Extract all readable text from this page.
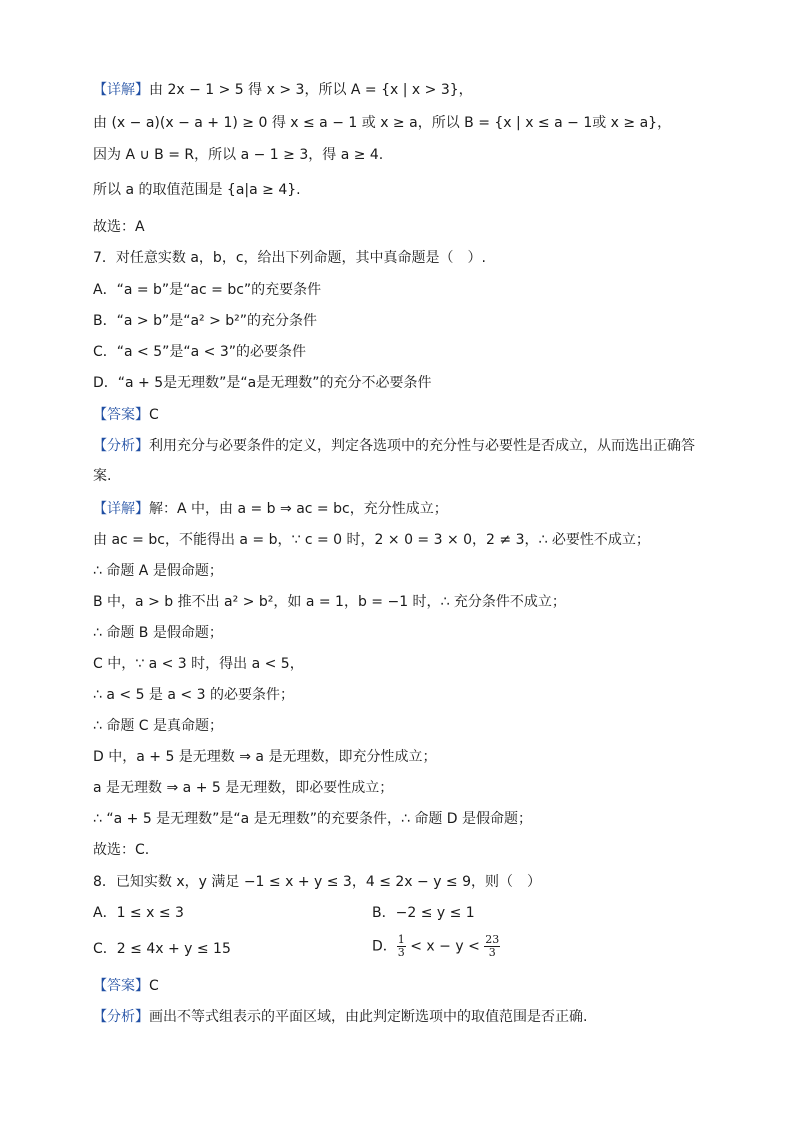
【详解】由 2x − 1 > 5 得 x > 3，所以 A = {x | x > 3}，
由 (x − a)(x − a + 1) ≥ 0 得 x ≤ a − 1 或 x ≥ a，所以 B = {x | x ≤ a − 1或 x ≥ a}，
因为 A ∪ B = R，所以 a − 1 ≥ 3，得 a ≥ 4.
所以 a 的取值范围是 {a|a ≥ 4}.
故选：A
7．对任意实数 a，b，c，给出下列命题，其中真命题是（　）.
A．“a = b”是“ac = bc”的充要条件
B．“a > b”是“a² > b²”的充分条件
C．“a < 5”是“a < 3”的必要条件
D．“a + 5是无理数”是“a是无理数”的充分不必要条件
【答案】C
【分析】利用充分与必要条件的定义，判定各选项中的充分性与必要性是否成立，从而选出正确答
案.
【详解】解：A 中，由 a = b ⇒ ac = bc，充分性成立；
由 ac = bc，不能得出 a = b，∵ c = 0 时，2 × 0 = 3 × 0，2 ≠ 3，∴ 必要性不成立；
∴ 命题 A 是假命题；
B 中，a > b 推不出 a² > b²，如 a = 1，b = −1 时，∴ 充分条件不成立；
∴ 命题 B 是假命题；
C 中，∵ a < 3 时，得出 a < 5，
∴ a < 5 是 a < 3 的必要条件；
∴ 命题 C 是真命题；
D 中，a + 5 是无理数 ⇒ a 是无理数，即充分性成立；
a 是无理数 ⇒ a + 5 是无理数，即必要性成立；
∴ “a + 5 是无理数”是“a 是无理数”的充要条件，∴ 命题 D 是假命题；
故选：C.
8．已知实数 x，y 满足 −1 ≤ x + y ≤ 3，4 ≤ 2x − y ≤ 9，则（　）
A．1 ≤ x ≤ 3	B．−2 ≤ y ≤ 1
C．2 ≤ 4x + y ≤ 15	D． $\frac{1}{3} < x - y < \frac{23}{3}$
【答案】C
【分析】画出不等式组表示的平面区域，由此判定断选项中的取值范围是否正确.
